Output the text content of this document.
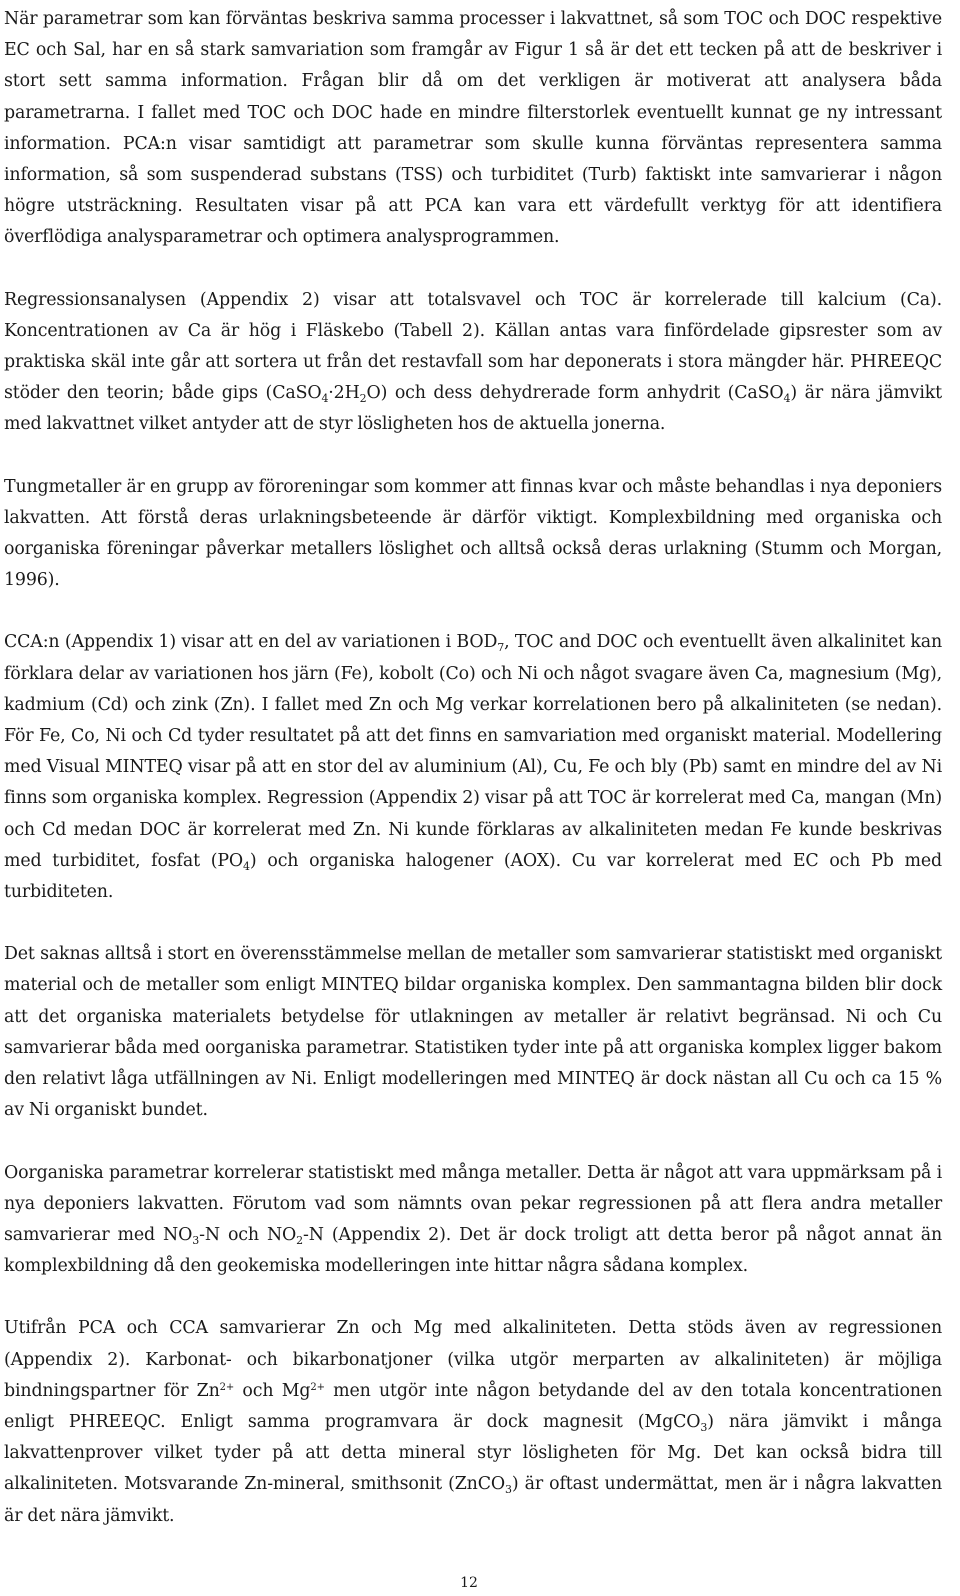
När parametrar som kan förväntas beskriva samma processer i lakvattnet, så som TOC och DOC respektive EC och Sal, har en så stark samvariation som framgår av Figur 1 så är det ett tecken på att de beskriver i stort sett samma information. Frågan blir då om det verkligen är motiverat att analysera båda parametrarna. I fallet med TOC och DOC hade en mindre filterstorlek eventuellt kunnat ge ny intressant information. PCA:n visar samtidigt att parametrar som skulle kunna förväntas representera samma information, så som suspenderad substans (TSS) och turbiditet (Turb) faktiskt inte samvarierar i någon högre utsträckning. Resultaten visar på att PCA kan vara ett värdefullt verktyg för att identifiera överflödiga analysparametrar och optimera analysprogrammen.

Regressionsanalysen (Appendix 2) visar att totalsvavel och TOC är korrelerade till kalcium (Ca). Koncentrationen av Ca är hög i Fläskebo (Tabell 2). Källan antas vara finfördelade gipsrester som av praktiska skäl inte går att sortera ut från det restavfall som har deponerats i stora mängder här. PHREEQC stöder den teorin; både gips $(CaSO_4\cdot 2H_2O)$ och dess dehydrerade form anhydrit (CaSO$_4$) är nära jämvikt med lakvattnet vilket antyder att de styr lösligheten hos de aktuella jonerna.

Tungmetaller är en grupp av föroreningar som kommer att finnas kvar och måste behandlas i nya deponiers lakvatten. Att förstå deras urlakningsbeteende är därför viktigt. Komplexbildning med organiska och oorganiska föreningar påverkar metallers löslighet och alltså också deras urlakning (Stumm och Morgan, 1996).

CCA:n (Appendix 1) visar att en del av variationen i $BOD_7$, TOC and DOC och eventuellt även alkalinitet kan förklara delar av variationen hos järn (Fe), kobolt (Co) och Ni och något svagare även Ca, magnesium (Mg), kadmium (Cd) och zink (Zn). I fallet med Zn och Mg verkar korrelationen bero på alkaliniteten (se nedan). För Fe, Co, Ni och Cd tyder resultatet på att det finns en samvariation med organiskt material. Modellering med Visual MINTEQ visar på att en stor del av aluminium (Al), Cu, Fe och bly (Pb) samt en mindre del av Ni finns som organiska komplex. Regression (Appendix 2) visar på att TOC är korrelerat med Ca, mangan (Mn) och Cd medan DOC är korrelerat med Zn. Ni kunde förklaras av alkaliniteten medan Fe kunde beskrivas med turbiditet, fosfat $(PO_4)$ och organiska halogener (AOX). Cu var korrelerat med EC och Pb med turbiditeten.

Det saknas alltså i stort en överensstämmelse mellan de metaller som samvarierar statistiskt med organiskt material och de metaller som enligt MINTEQ bildar organiska komplex. Den sammantagna bilden blir dock att det organiska materialets betydelse för utlakningen av metaller är relativt begränsad. Ni och Cu samvarierar båda med oorganiska parametrar. Statistiken tyder inte på att organiska komplex ligger bakom den relativt låga utfällningen av Ni. Enligt modelleringen med MINTEQ är dock nästan all Cu och ca 15 % av Ni organiskt bundet.

Oorganiska parametrar korrelerar statistiskt med många metaller. Detta är något att vara uppmärksam på i nya deponiers lakvatten. Förutom vad som nämnts ovan pekar regressionen på att flera andra metaller samvarierar med $NO_3-N$ och $NO_2-N$ (Appendix 2). Det är dock troligt att detta beror på något annat än komplexbildning då den geokemiska modelleringen inte hittar några sådana komplex.

Utifrån PCA och CCA samvarierar Zn och Mg med alkaliniteten. Detta stöds även av regressionen (Appendix 2). Karbonat- och bikarbonatjoner (vilka utgör merparten av alkaliniteten) är möjliga bindningspartner för $Zn^{2+}$ och $Mg^{2+}$ men utgör inte någon betydande del av den totala koncentrationen enligt PHREEQC. Enligt samma programvara är dock magnesit (MgCO$_3$) nära jämvikt i många lakvattenprover vilket tyder på att detta mineral styr lösligheten för Mg. Det kan också bidra till alkaliniteten. Motsvarande Zn-mineral, smithsonit (ZnCO$_3$) är oftast undermättat, men är i några lakvatten är det nära jämvikt.

12
